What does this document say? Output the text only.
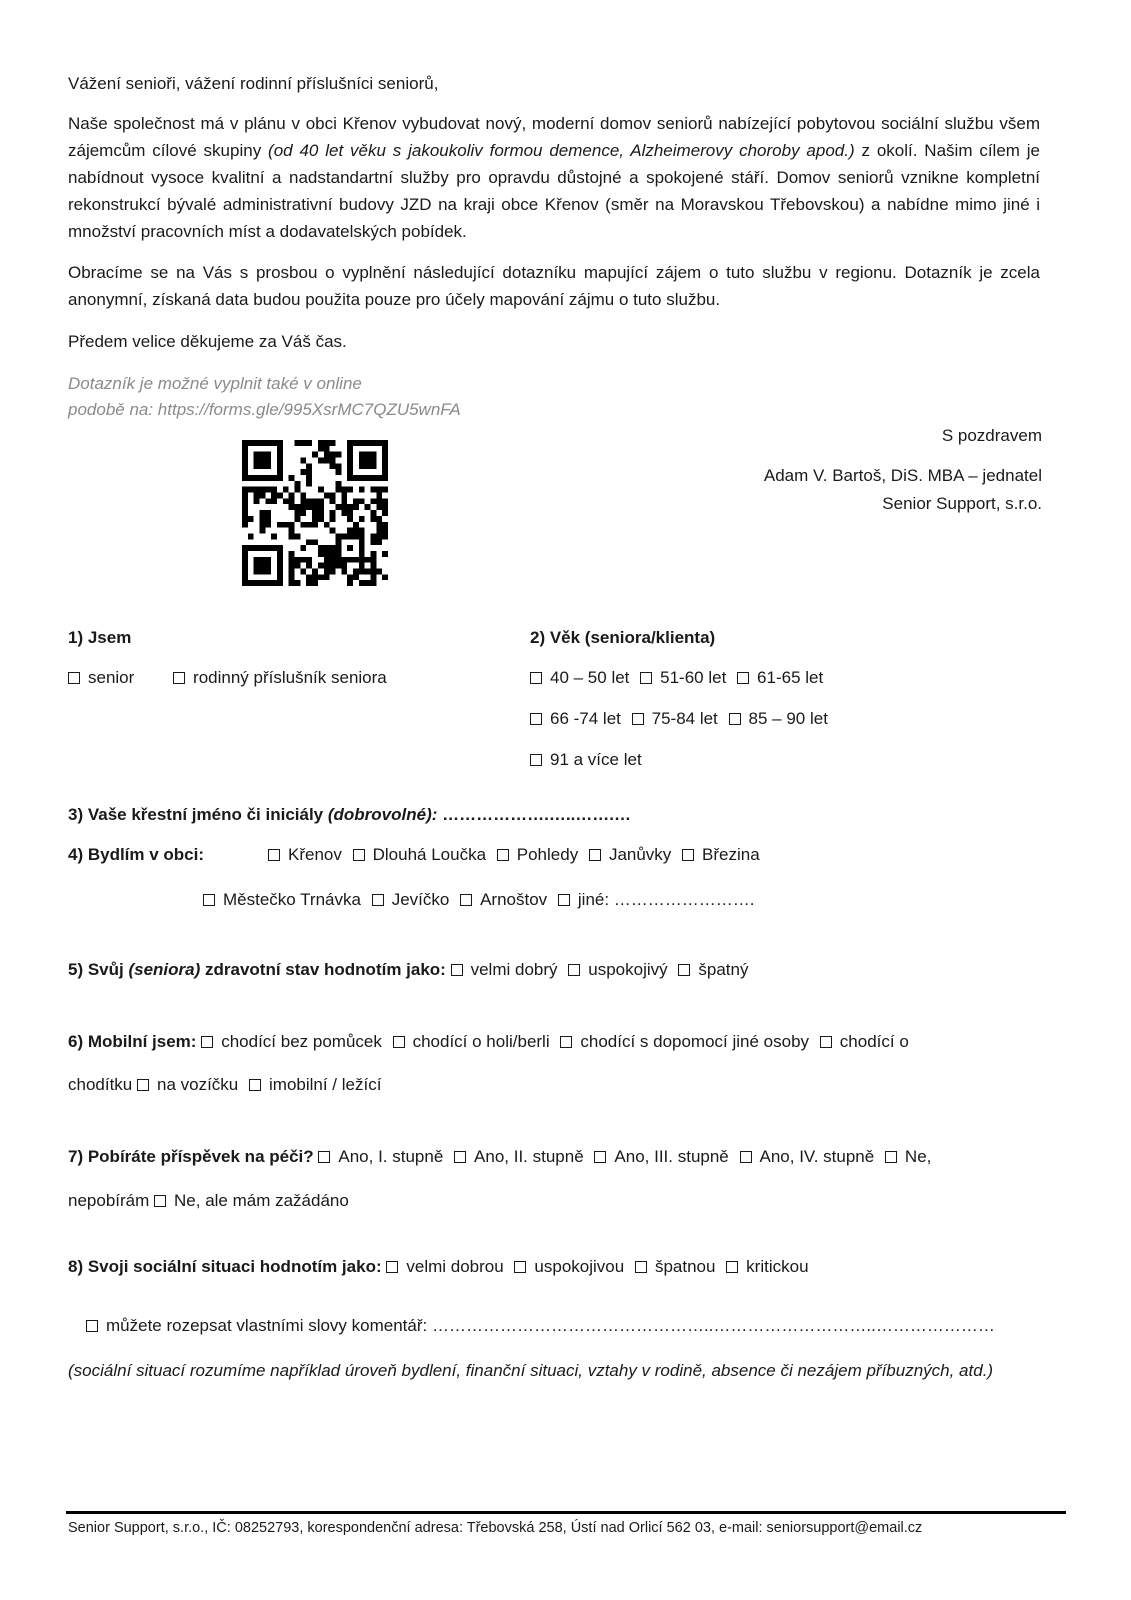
Vážení senioři, vážení rodinní příslušníci seniorů,
Naše společnost má v plánu v obci Křenov vybudovat nový, moderní domov seniorů nabízející pobytovou sociální službu všem zájemcům cílové skupiny (od 40 let věku s jakoukoliv formou demence, Alzheimerovy choroby apod.) z okolí. Našim cílem je nabídnout vysoce kvalitní a nadstandartní služby pro opravdu důstojné a spokojené stáří. Domov seniorů vznikne kompletní rekonstrukcí bývalé administrativní budovy JZD na kraji obce Křenov (směr na Moravskou Třebovskou) a nabídne mimo jiné i množství pracovních míst a dodavatelských pobídek.
Obracíme se na Vás s prosbou o vyplnění následující dotazníku mapující zájem o tuto službu v regionu. Dotazník je zcela anonymní, získaná data budou použita pouze pro účely mapování zájmu o tuto službu.
Předem velice děkujeme za Váš čas.
Dotazník je možné vyplnit také v online
podobě na: https://forms.gle/995XsrMC7QZU5wnFA
S pozdravem
Adam V. Bartoš, DiS. MBA – jednatel
Senior Support, s.r.o.
1) Jsem
senior	rodinný příslušník seniora
2) Věk (seniora/klienta)
40 – 50 let 51-60 let 61-65 let
66 -74 let 75-84 let 85 – 90 let
91 a více let
3) Vaše křestní jméno či iniciály (dobrovolné): ……………….…..…….…
4) Bydlím v obci:	Křenov Dlouhá Loučka Pohledy Janůvky Březina
Městečko Trnávka Jevíčko Arnoštov jiné: …………………….
5) Svůj (seniora) zdravotní stav hodnotím jako: velmi dobrý uspokojivý špatný
6) Mobilní jsem: chodící bez pomůcek chodící o holi/berli chodící s dopomocí jiné osoby chodící o
chodítku na vozíčku imobilní / ležící
7) Pobíráte příspěvek na péči? Ano, I. stupně Ano, II. stupně Ano, III. stupně Ano, IV. stupně Ne,
nepobírám Ne, ale mám zažádáno
8) Svoji sociální situaci hodnotím jako: velmi dobrou uspokojivou špatnou kritickou
můžete rozepsat vlastními slovy komentář: …………………………………………..………………………..…………………
(sociální situací rozumíme například úroveň bydlení, finanční situaci, vztahy v rodině, absence či nezájem příbuzných, atd.)
Senior Support, s.r.o., IČ: 08252793, korespondenční adresa: Třebovská 258, Ústí nad Orlicí 562 03, e-mail: seniorsupport@email.cz
